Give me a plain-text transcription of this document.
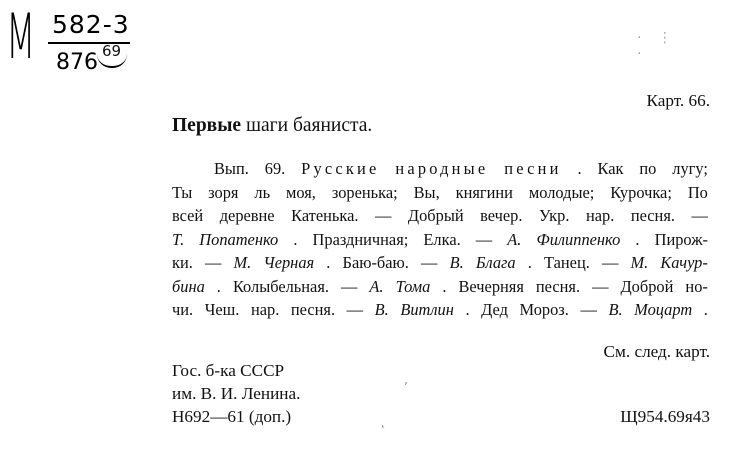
М 582-3
876 69
· ⋮ ·
ʼ
˛
Карт. 66.
Первые шаги баяниста.
Вып. 69. Русские народные песни . Как по лугу;
Ты зоря ль моя, зоренька; Вы, княгини молодые; Курочка; По
всей деревне Катенька. — Добрый вечер. Укр. нар. песня. —
Т. Попатенко . Праздничная; Елка. — А. Филиппенко . Пирож-
ки. — М. Черная . Баю-баю. — В. Блага . Танец. — М. Качур-
бина . Колыбельная. — А. Тома . Вечерняя песня. — Доброй но-
чи. Чеш. нар. песня. — В. Витлин . Дед Мороз. — В. Моцарт .
См. след. карт.
Гос. б-ка СССР
им. В. И. Ленина.
Н692—61 (доп.)	Щ954.69я43
